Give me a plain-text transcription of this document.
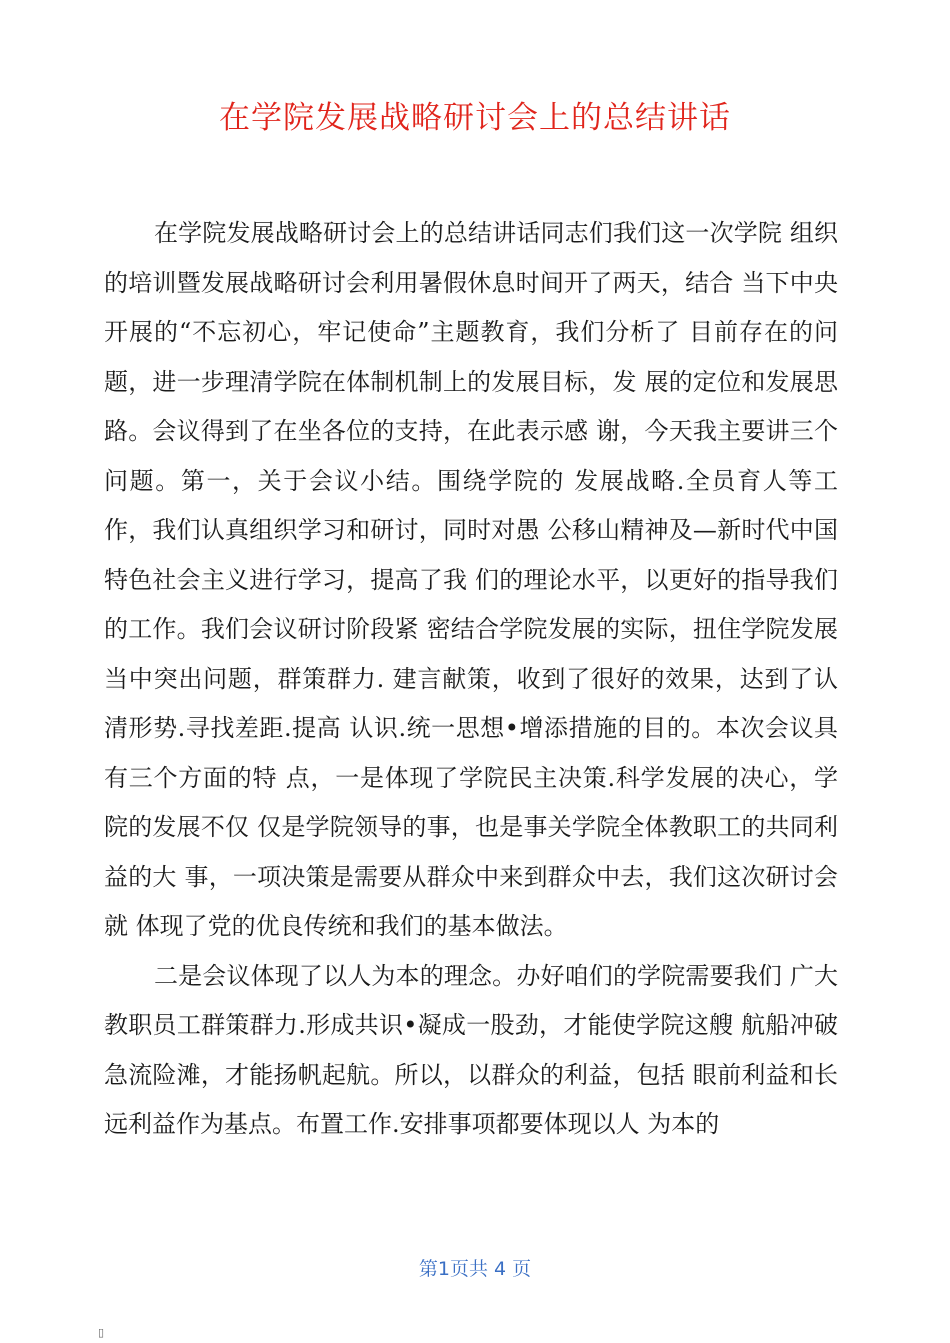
在学院发展战略研讨会上的总结讲话

在学院发展战略研讨会上的总结讲话同志们我们这一次学院 组织的培训暨发展战略研讨会利用暑假休息时间开了两天，结合 当下中央开展的“不忘初心，牢记使命”主题教育，我们分析了 目前存在的问题，进一步理清学院在体制机制上的发展目标，发 展的定位和发展思路。会议得到了在坐各位的支持，在此表示感 谢，今天我主要讲三个问题。第一，关于会议小结。围绕学院的 发展战略.全员育人等工作，我们认真组织学习和研讨，同时对愚 公移山精神及—新时代中国特色社会主义进行学习，提高了我 们的理论水平，以更好的指导我们的工作。我们会议研讨阶段紧 密结合学院发展的实际，扭住学院发展当中突出问题，群策群力. 建言献策，收到了很好的效果，达到了认清形势.寻找差距.提高 认识.统一思想•增添措施的目的。本次会议具有三个方面的特 点，一是体现了学院民主决策.科学发展的决心，学院的发展不仅 仅是学院领导的事，也是事关学院全体教职工的共同利益的大 事，一项决策是需要从群众中来到群众中去，我们这次研讨会就 体现了党的优良传统和我们的基本做法。

二是会议体现了以人为本的理念。办好咱们的学院需要我们 广大教职员工群策群力.形成共识•凝成一股劲，才能使学院这艘 航船冲破急流险滩，才能扬帆起航。所以，以群众的利益，包括 眼前利益和长远利益作为基点。布置工作.安排事项都要体现以人 为本的

第1页共 4 页
▯
